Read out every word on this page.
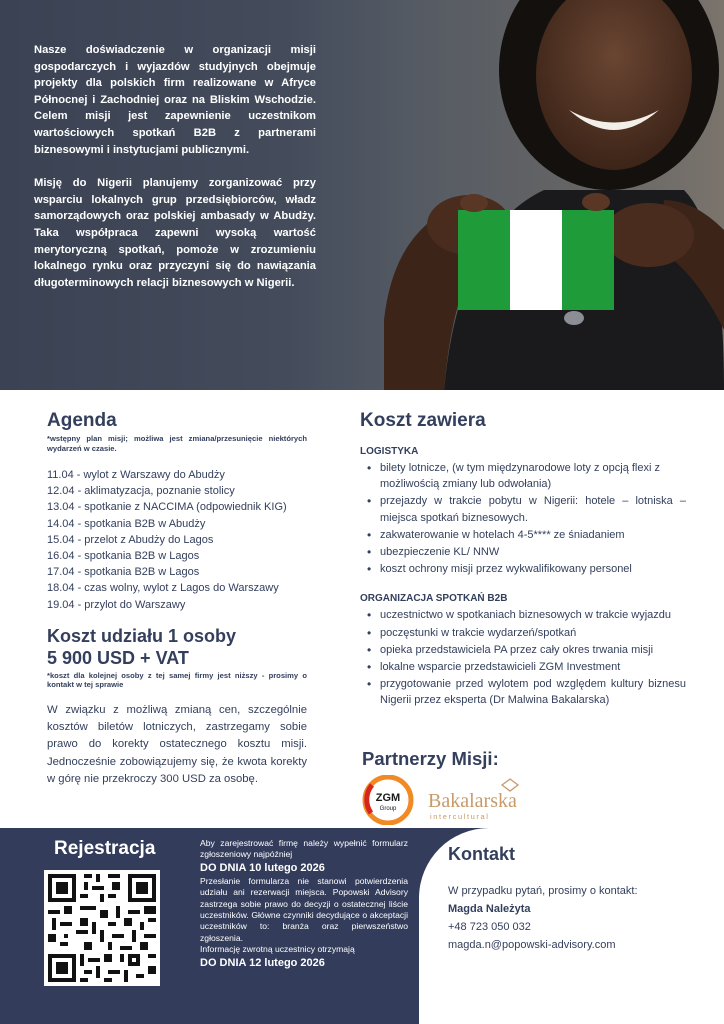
Nasze doświadczenie w organizacji misji gospodarczych i wyjazdów studyjnych obejmuje projekty dla polskich firm realizowane w Afryce Północnej i Zachodniej oraz na Bliskim Wschodzie. Celem misji jest zapewnienie uczestnikom wartościowych spotkań B2B z partnerami biznesowymi i instytucjami publicznymi.

Misję do Nigerii planujemy zorganizować przy wsparciu lokalnych grup przedsiębiorców, władz samorządowych oraz polskiej ambasady w Abudży. Taka współpraca zapewni wysoką wartość merytoryczną spotkań, pomoże w zrozumieniu lokalnego rynku oraz przyczyni się do nawiązania długoterminowych relacji biznesowych w Nigerii.

Agenda
*wstępny plan misji; możliwa jest zmiana/przesunięcie niektórych wydarzeń w czasie.
11.04 - wylot z Warszawy do Abudży
12.04 - aklimatyzacja, poznanie stolicy
13.04 - spotkanie z NACCIMA (odpowiednik KIG)
14.04 - spotkania B2B w Abudży
15.04 - przelot z Abudży do Lagos
16.04 - spotkania B2B w Lagos
17.04 - spotkania B2B w Lagos
18.04 - czas wolny, wylot z Lagos do Warszawy
19.04 - przylot do Warszawy
Koszt udziału 1 osoby
5 900 USD + VAT
*koszt dla kolejnej osoby z tej samej firmy jest niższy - prosimy o kontakt w tej sprawie

W związku z możliwą zmianą cen, szczególnie kosztów biletów lotniczych, zastrzegamy sobie prawo do korekty ostatecznego kosztu misji. Jednocześnie zobowiązujemy się, że kwota korekty w górę nie przekroczy 300 USD za osobę.

Koszt zawiera
LOGISTYKA
• bilety lotnicze, (w tym międzynarodowe loty z opcją flexi z możliwością zmiany lub odwołania)
• przejazdy w trakcie pobytu w Nigerii: hotele – lotniska – miejsca spotkań biznesowych.
• zakwaterowanie w hotelach 4-5**** ze śniadaniem
• ubezpieczenie KL/ NNW
• koszt ochrony misji przez wykwalifikowany personel
ORGANIZACJA SPOTKAŃ B2B
• uczestnictwo w spotkaniach biznesowych w trakcie wyjazdu
• poczęstunki w trakcie wydarzeń/spotkań
• opieka przedstawiciela PA przez cały okres trwania misji
• lokalne wsparcie przedstawicieli ZGM Investment
• przygotowanie przed wylotem pod względem kultury biznesu Nigerii przez eksperta (Dr Malwina Bakalarska)
Partnerzy Misji:
ZGM
Group Bakalarska
intercultural
Rejestracja	Aby zarejestrować firmę należy wypełnić formularz zgłoszeniowy najpóźniej

DO DNIA 10 lutego 2026

Przesłanie formularza nie stanowi potwierdzenia udziału ani rezerwacji miejsca. Popowski Advisory zastrzega sobie prawo do decyzji o ostatecznej liście uczestników. Główne czynniki decydujące o akceptacji uczestników to: branża oraz pierwszeństwo zgłoszenia.

Informację zwrotną uczestnicy otrzymają

DO DNIA 12 lutego 2026

Kontakt
W przypadku pytań, prosimy o kontakt:
Magda Należyta
+48 723 050 032
magda.n@popowski-advisory.com
